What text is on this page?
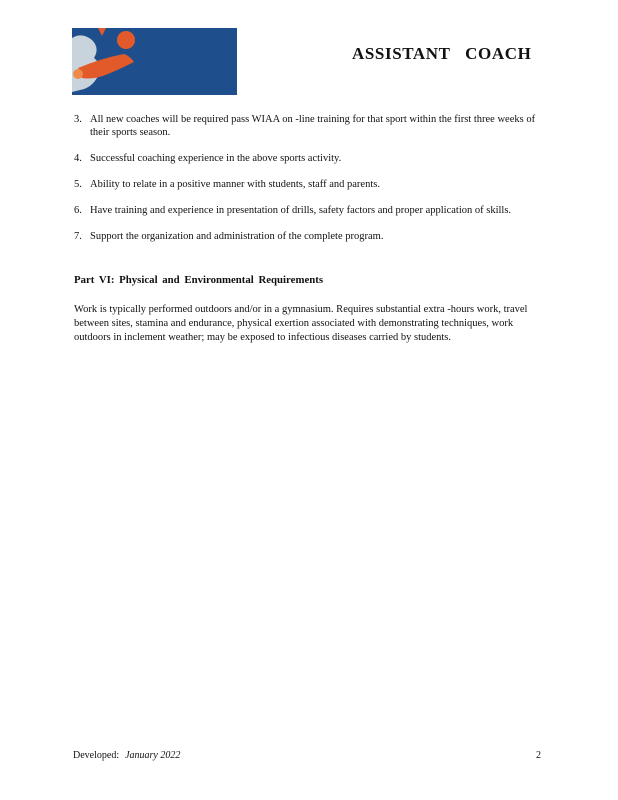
ASSISTANT COACH
3. All new coaches will be required pass WIAA on -line training for that sport within the first three weeks of their sports season.
4. Successful coaching experience in the above sports activity.
5. Ability to relate in a positive manner with students, staff and parents.
6. Have training and experience in presentation of drills, safety factors and proper application of skills.
7. Support the organization and administration of the complete program.
Part VI: Physical and Environmental Requirements
Work is typically performed outdoors and/or in a gymnasium. Requires substantial extra -hours work, travel between sites, stamina and endurance, physical exertion associated with demonstrating techniques, work outdoors in inclement weather; may be exposed to infectious diseases carried by students.
Developed: January 2022	2
